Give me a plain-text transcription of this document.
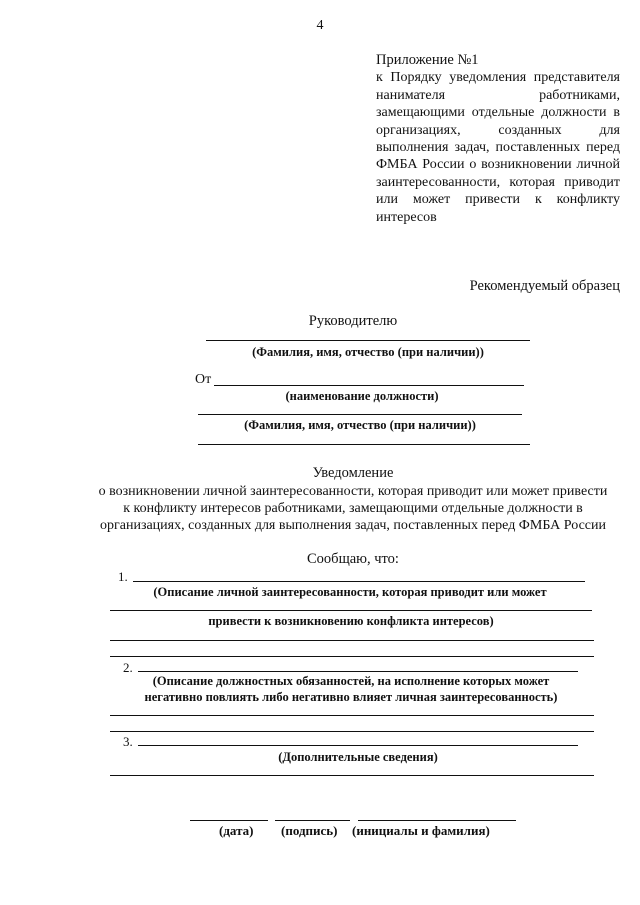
4
Приложение №1
к Порядку уведомления представителя нанимателя работниками, замещающими отдельные должности в организациях, созданных для выполнения задач, поставленных перед ФМБА России о возникновении личной заинтересованности, которая приводит или может привести к конфликту интересов
Рекомендуемый образец
Руководителю
(Фамилия, имя, отчество (при наличии))
От
(наименование должности)
(Фамилия, имя, отчество (при наличии))
Уведомление
о возникновении личной заинтересованности, которая приводит или может привести к конфликту интересов работниками, замещающими отдельные должности в организациях, созданных для выполнения задач, поставленных перед ФМБА России
Сообщаю, что:
1.
(Описание личной заинтересованности, которая приводит или может
привести к возникновению конфликта интересов)
2.
(Описание должностных обязанностей, на исполнение которых может
негативно повлиять либо негативно влияет личная заинтересованность)
3.
(Дополнительные сведения)
(дата) (подпись) (инициалы и фамилия)
